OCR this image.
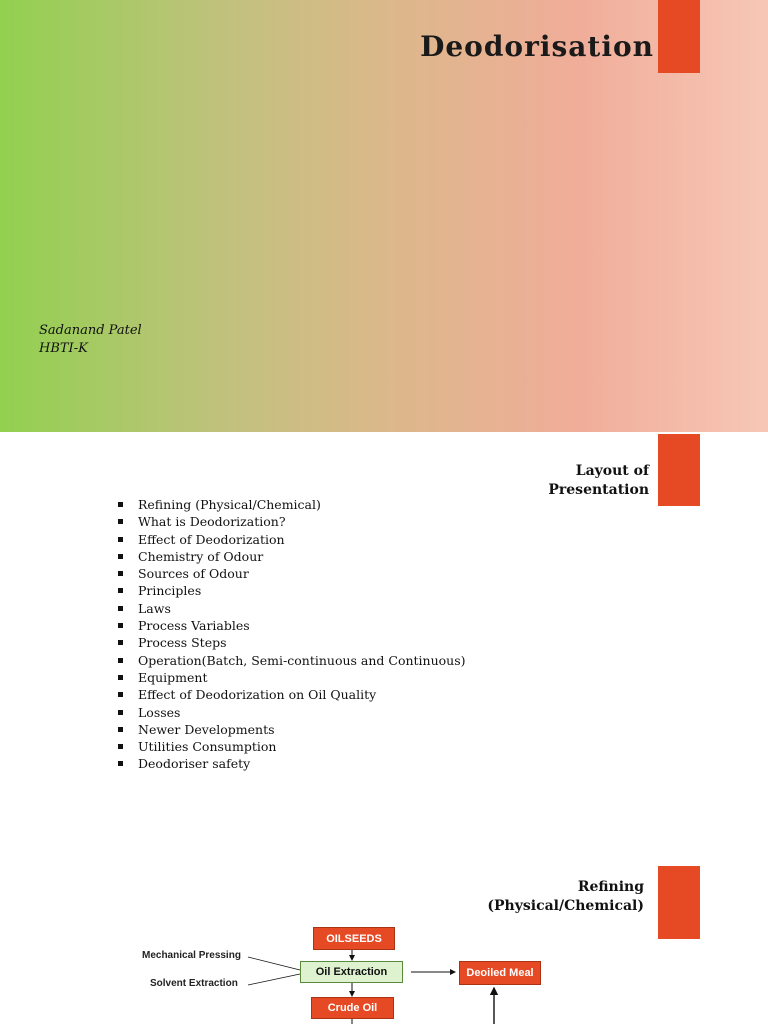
Deodorisation
Sadanand Patel
HBTI-K
Layout of
Presentation
Refining (Physical/Chemical)
What is Deodorization?
Effect of Deodorization
Chemistry of Odour
Sources of Odour
Principles
Laws
Process Variables
Process Steps
Operation(Batch, Semi-continuous and Continuous)
Equipment
Effect of Deodorization on Oil Quality
Losses
Newer Developments
Utilities Consumption
Deodoriser safety
Refining
(Physical/Chemical)
OILSEEDS
Oil Extraction	Deoiled Meal
Crude Oil
Mechanical Pressing
Solvent Extraction
